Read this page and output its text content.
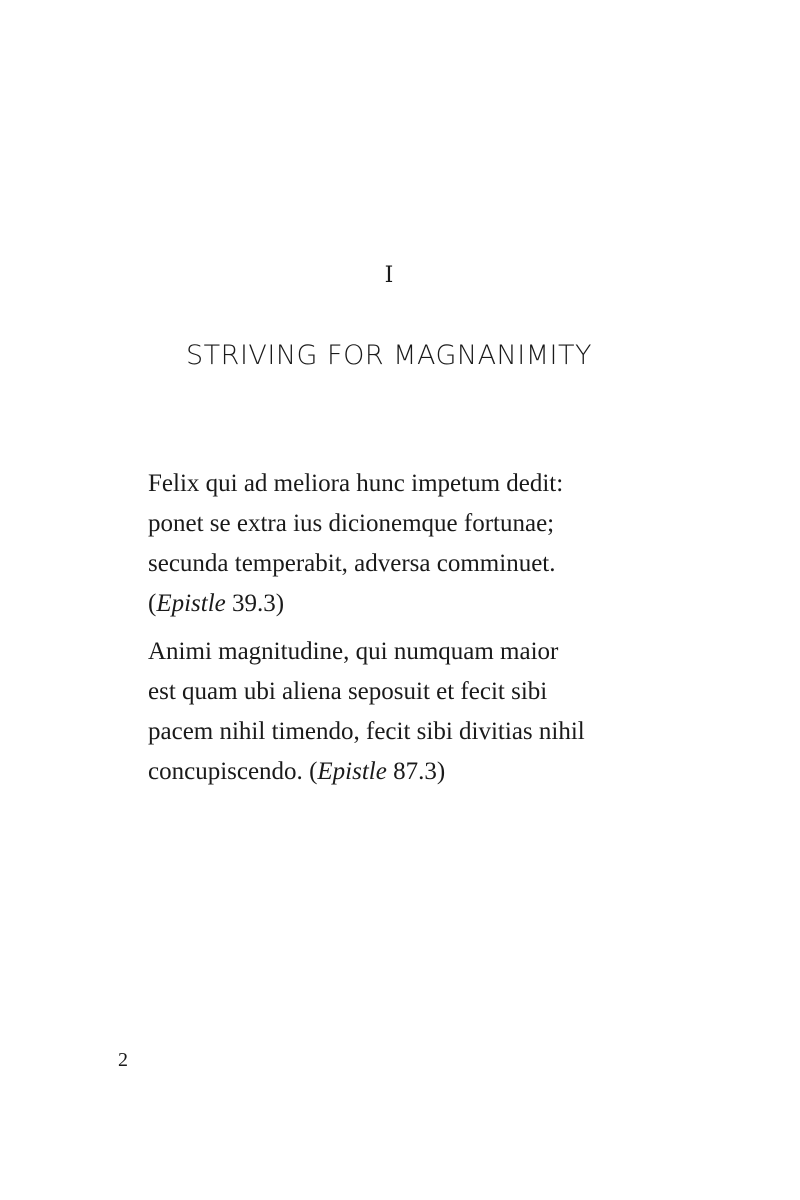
I
STRIVING FOR MAGNANIMITY

Felix qui ad meliora hunc impetum dedit:
ponet se extra ius dicionemque fortunae;
secunda temperabit, adversa comminuet.
(Epistle 39.3)

Animi magnitudine, qui numquam maior
est quam ubi aliena seposuit et fecit sibi
pacem nihil timendo, fecit sibi divitias nihil
concupiscendo. (Epistle 87.3)

2
